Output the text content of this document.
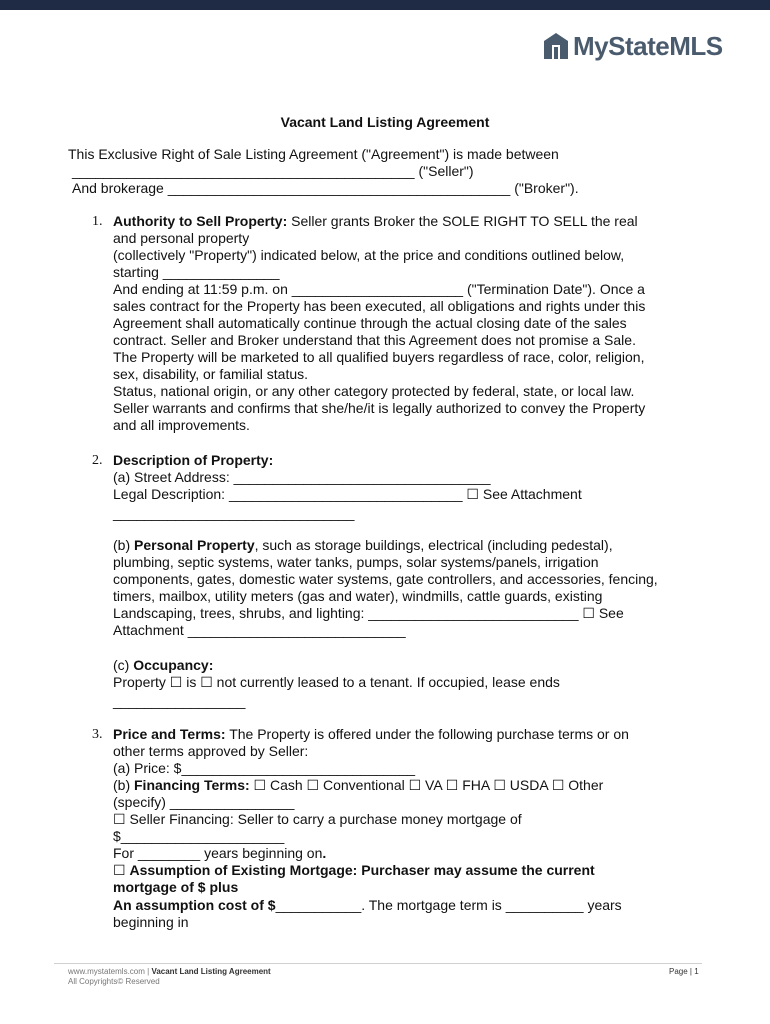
MyStateMLS
Vacant Land Listing Agreement
This Exclusive Right of Sale Listing Agreement ("Agreement") is made between
____________________________________________ ("Seller")
And brokerage ____________________________________________ ("Broker").
1. Authority to Sell Property: Seller grants Broker the SOLE RIGHT TO SELL the real
and personal property
(collectively "Property") indicated below, at the price and conditions outlined below,
starting _______________
And ending at 11:59 p.m. on ______________________ ("Termination Date"). Once a
sales contract for the Property has been executed, all obligations and rights under this
Agreement shall automatically continue through the actual closing date of the sales
contract. Seller and Broker understand that this Agreement does not promise a Sale.
The Property will be marketed to all qualified buyers regardless of race, color, religion,
sex, disability, or familial status.
Status, national origin, or any other category protected by federal, state, or local law.
Seller warrants and confirms that she/he/it is legally authorized to convey the Property
and all improvements.
2. Description of Property:
(a) Street Address: _________________________________
Legal Description: ______________________________ ☐ See Attachment
_______________________________
(b) Personal Property, such as storage buildings, electrical (including pedestal),
plumbing, septic systems, water tanks, pumps, solar systems/panels, irrigation
components, gates, domestic water systems, gate controllers, and accessories, fencing,
timers, mailbox, utility meters (gas and water), windmills, cattle guards, existing
Landscaping, trees, shrubs, and lighting: ___________________________ ☐ See
Attachment ____________________________
(c) Occupancy:
Property ☐ is ☐ not currently leased to a tenant. If occupied, lease ends
_________________
3. Price and Terms: The Property is offered under the following purchase terms or on
other terms approved by Seller:
(a) Price: $______________________________
(b) Financing Terms: ☐ Cash ☐ Conventional ☐ VA ☐ FHA ☐ USDA ☐ Other
(specify) ________________
☐ Seller Financing: Seller to carry a purchase money mortgage of
$_____________________
For ________ years beginning on.
☐ Assumption of Existing Mortgage: Purchaser may assume the current
mortgage of $ plus
An assumption cost of $___________. The mortgage term is __________ years
beginning in
www.mystatemls.com | Vacant Land Listing Agreement
All Copyrights© Reserved
Page | 1
